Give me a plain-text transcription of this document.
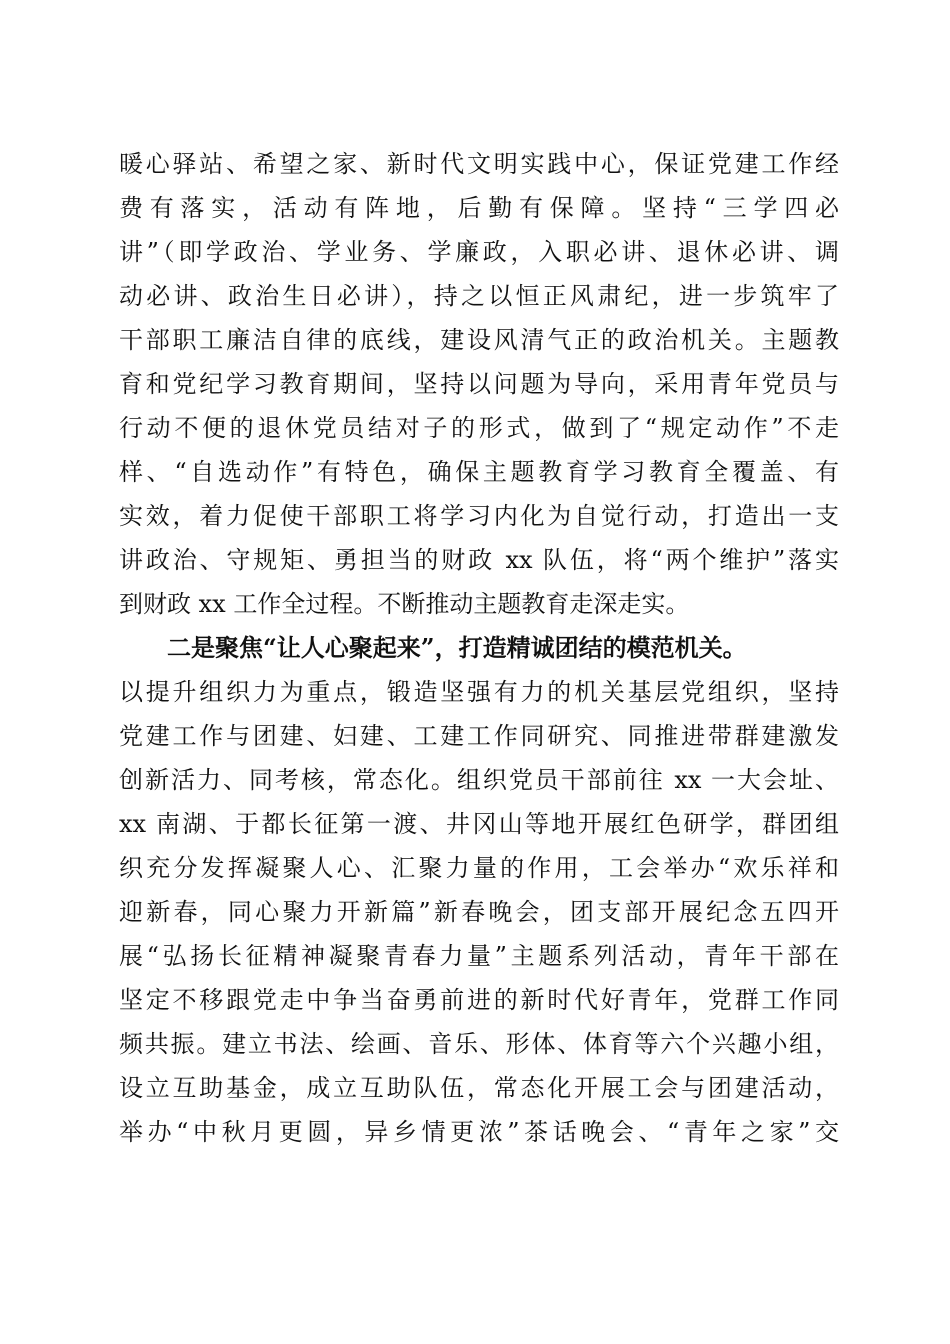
暖心驿站、希望之家、新时代文明实践中心，保证党建工作经
费有落实，活动有阵地，后勤有保障。坚持“三学四必
讲”（即学政治、学业务、学廉政，入职必讲、退休必讲、调
动必讲、政治生日必讲），持之以恒正风肃纪，进一步筑牢了
干部职工廉洁自律的底线，建设风清气正的政治机关。主题教
育和党纪学习教育期间，坚持以问题为导向，采用青年党员与
行动不便的退休党员结对子的形式，做到了“规定动作”不走
样、“自选动作”有特色，确保主题教育学习教育全覆盖、有
实效，着力促使干部职工将学习内化为自觉行动，打造出一支
讲政治、守规矩、勇担当的财政 xx 队伍，将“两个维护”落实
到财政 xx 工作全过程。不断推动主题教育走深走实。
二是聚焦“让人心聚起来”，打造精诚团结的模范机关。
以提升组织力为重点，锻造坚强有力的机关基层党组织，坚持
党建工作与团建、妇建、工建工作同研究、同推进带群建激发
创新活力、同考核，常态化。组织党员干部前往 xx 一大会址、
xx 南湖、于都长征第一渡、井冈山等地开展红色研学，群团组
织充分发挥凝聚人心、汇聚力量的作用，工会举办“欢乐祥和
迎新春，同心聚力开新篇”新春晚会，团支部开展纪念五四开
展“弘扬长征精神凝聚青春力量”主题系列活动，青年干部在
坚定不移跟党走中争当奋勇前进的新时代好青年，党群工作同
频共振。建立书法、绘画、音乐、形体、体育等六个兴趣小组，
设立互助基金，成立互助队伍，常态化开展工会与团建活动，
举办“中秋月更圆，异乡情更浓”茶话晚会、“青年之家”交
